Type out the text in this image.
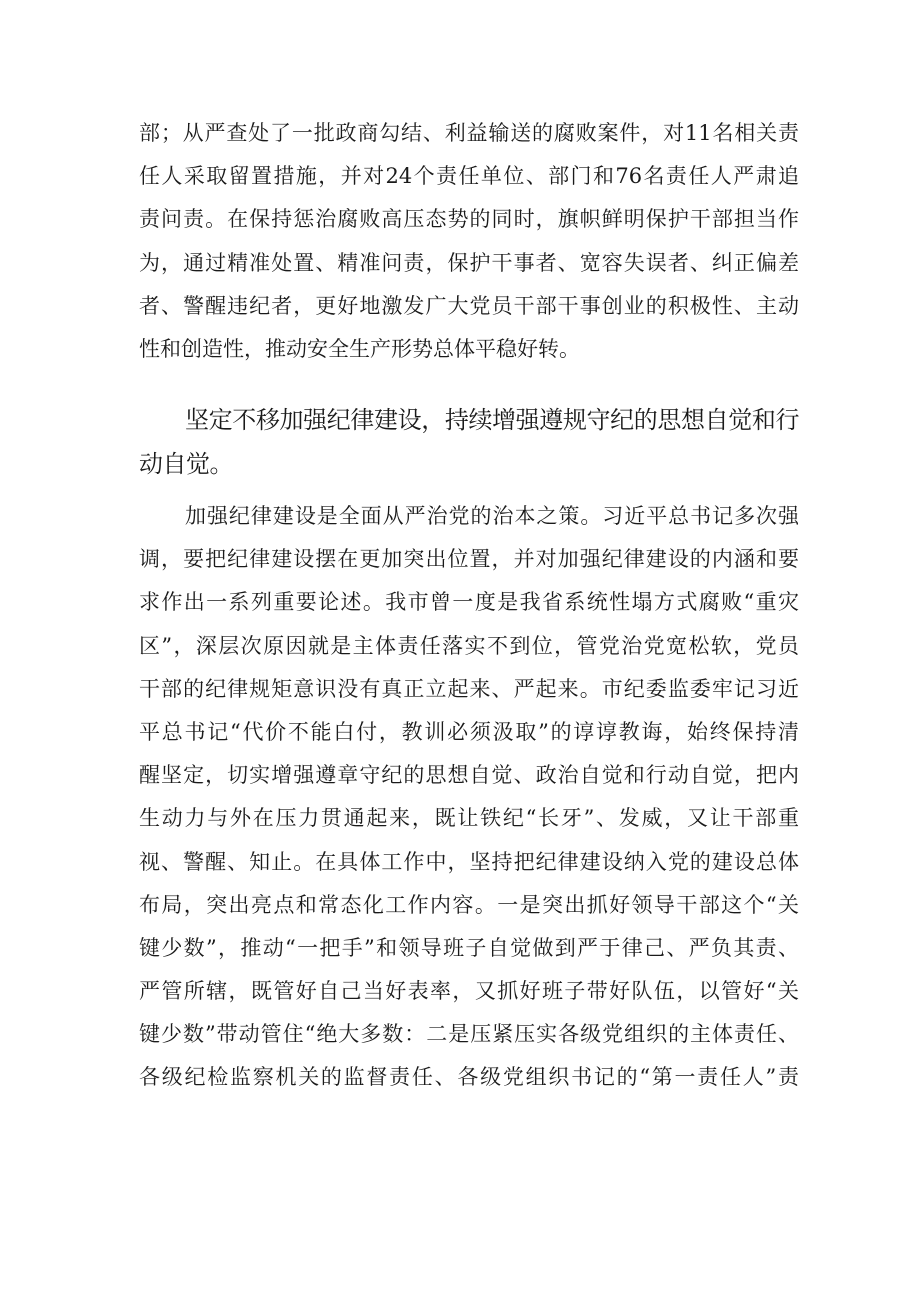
部；从严查处了一批政商勾结、利益输送的腐败案件，对11名相关责
任人采取留置措施，并对24个责任单位、部门和76名责任人严肃追
责问责。在保持惩治腐败高压态势的同时，旗帜鲜明保护干部担当作
为，通过精准处置、精准问责，保护干事者、宽容失误者、纠正偏差
者、警醒违纪者，更好地激发广大党员干部干事创业的积极性、主动
性和创造性，推动安全生产形势总体平稳好转。
坚定不移加强纪律建设，持续增强遵规守纪的思想自觉和行
动自觉。
加强纪律建设是全面从严治党的治本之策。习近平总书记多次强
调，要把纪律建设摆在更加突出位置，并对加强纪律建设的内涵和要
求作出一系列重要论述。我市曾一度是我省系统性塌方式腐败“重灾
区”，深层次原因就是主体责任落实不到位，管党治党宽松软，党员
干部的纪律规矩意识没有真正立起来、严起来。市纪委监委牢记习近
平总书记“代价不能白付，教训必须汲取”的谆谆教诲，始终保持清
醒坚定，切实增强遵章守纪的思想自觉、政治自觉和行动自觉，把内
生动力与外在压力贯通起来，既让铁纪“长牙”、发威，又让干部重
视、警醒、知止。在具体工作中，坚持把纪律建设纳入党的建设总体
布局，突出亮点和常态化工作内容。一是突出抓好领导干部这个“关
键少数”，推动“一把手”和领导班子自觉做到严于律己、严负其责、
严管所辖，既管好自己当好表率，又抓好班子带好队伍，以管好“关
键少数”带动管住“绝大多数：二是压紧压实各级党组织的主体责任、
各级纪检监察机关的监督责任、各级党组织书记的“第一责任人”责
